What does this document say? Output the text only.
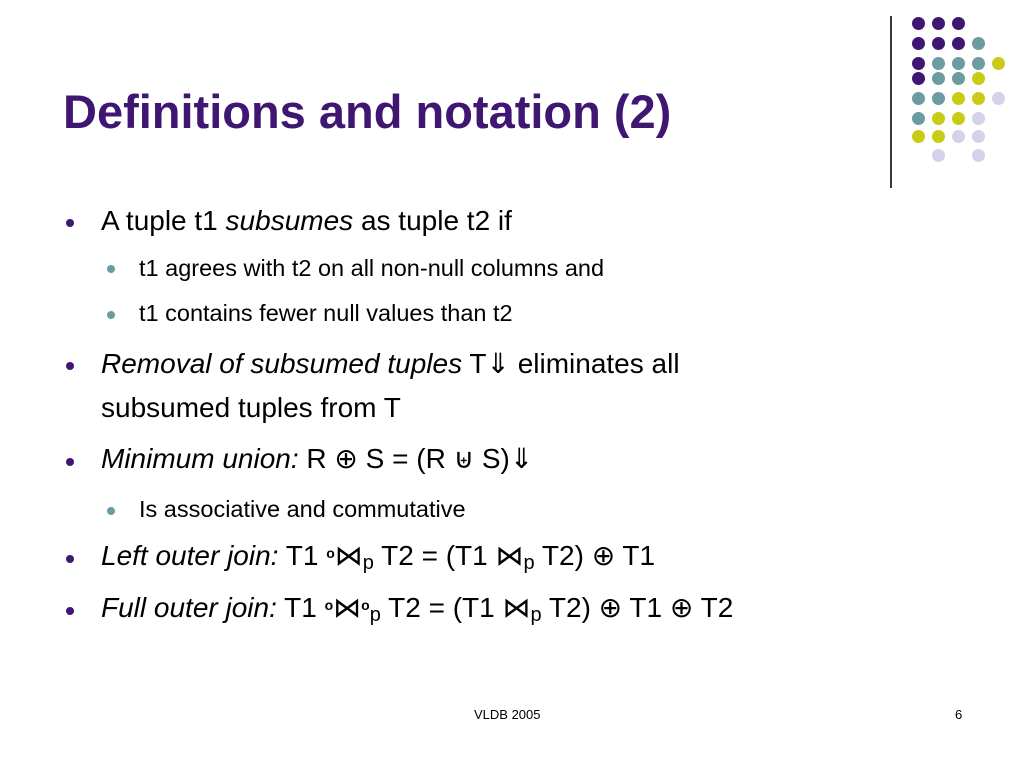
Definitions and notation (2)
A tuple t1 subsumes as tuple t2 if
t1 agrees with t2 on all non-null columns and
t1 contains fewer null values than t2
Removal of subsumed tuples T⇓ eliminates all
subsumed tuples from T
Minimum union: R ⊕ S = (R ⊎ S)⇓
Is associative and commutative
Left outer join: T1 $^o⋈_p$ T2 = (T1 $⋈_p$ T2) ⊕ T1
Full outer join: T1 $^o$⋈$^o_p$ T2 = (T1 $⋈_p$ T2) ⊕ T1 ⊕ T2
VLDB 2005	6
